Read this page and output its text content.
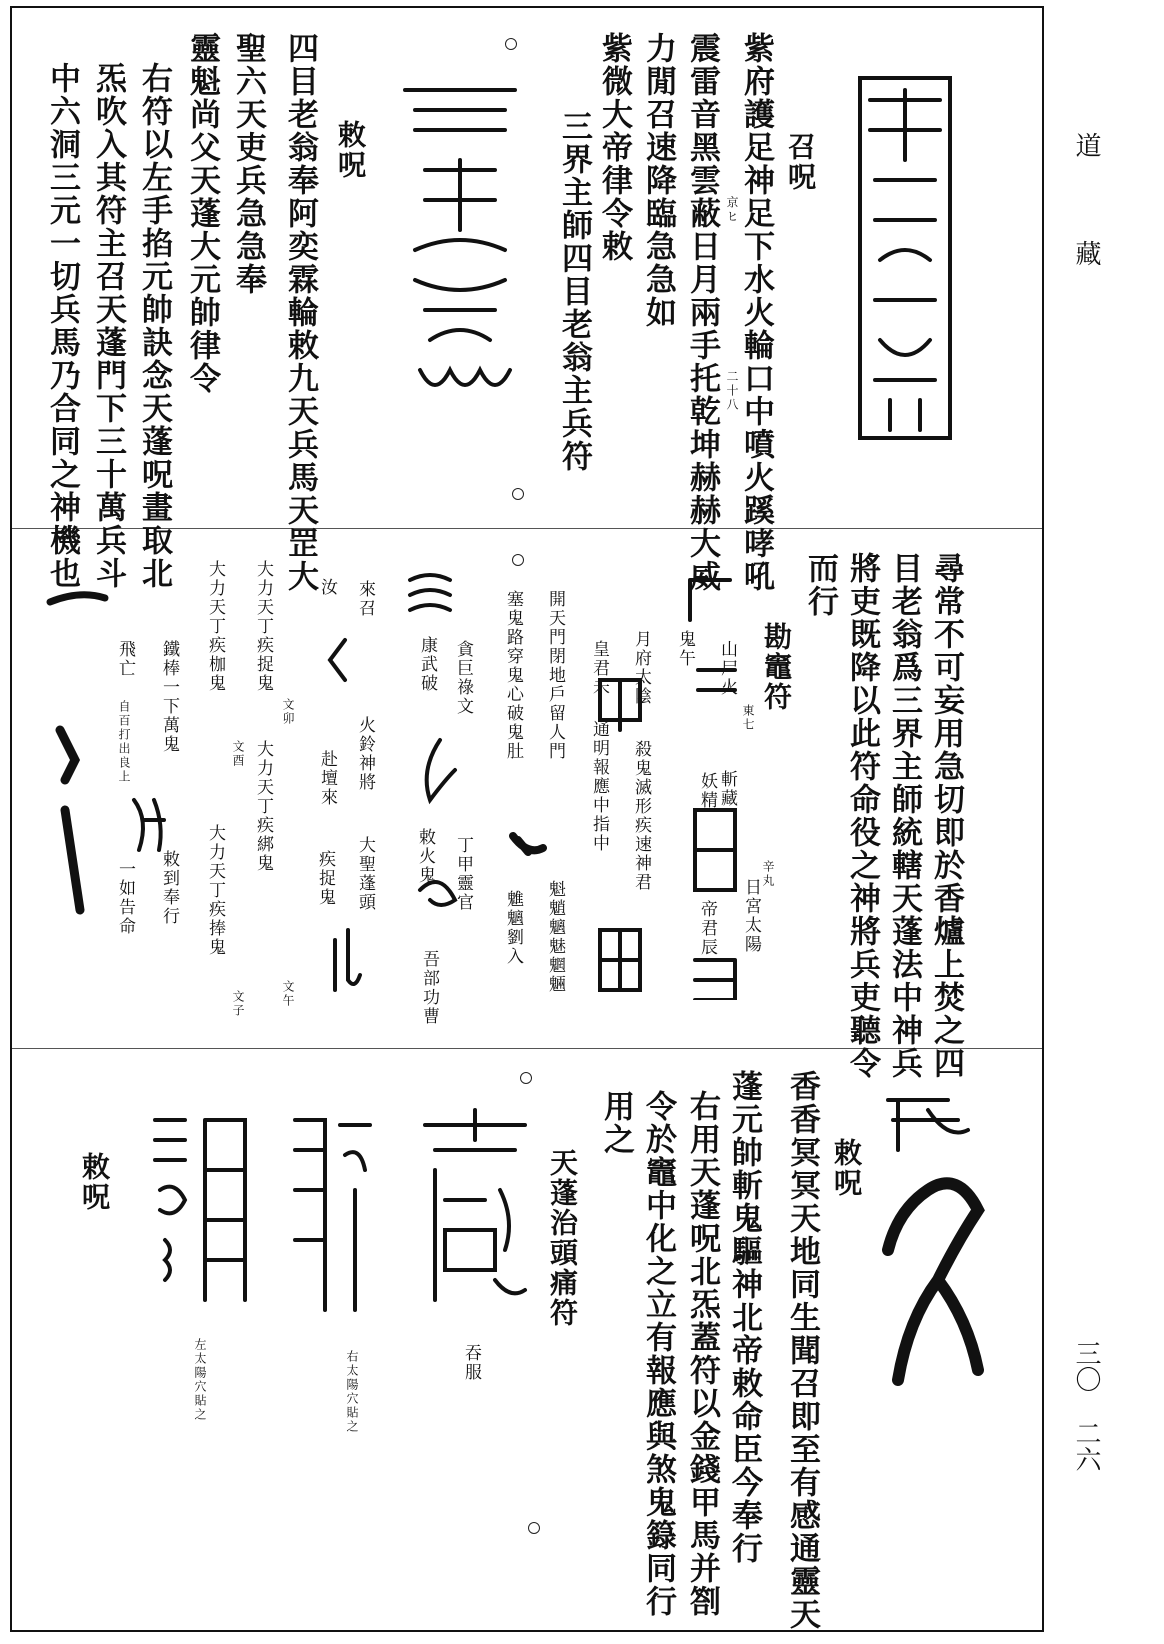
道
藏
三〇
二六
召呪
紫府護足神足下水火輪口中噴火蹊哮吼
京ヒ
二十八
震雷音黑雲蔽日月兩手托乾坤赫赫大威
力閒召速降臨急急如
紫微大帝律令敕
三界主師四目老翁主兵符
敕呪
四目老翁奉阿奕霖輪敕九天兵馬天罡大
聖六天吏兵急急奉
靈魁尚父天蓬大元帥律令
右符以左手掐元帥訣念天蓬呪畫取北
炁吹入其符主召天蓬門下三十萬兵斗
中六洞三元一切兵馬乃合同之神機也
尋常不可妄用急切即於香爐上焚之四
目老翁爲三界主師統轄天蓬法中神兵
將吏既降以此符命役之神將兵吏聽令
而行
勘竈符
山尸火
東七
鬼午
斬藏
妖精
辛丸
日宮太陽
帝君辰
月府太陰
皇君未
殺鬼滅形疾速神君
通明報應中指中
開天門閉地戶留人門
魁魈魑魅魍魎
塞鬼路穿鬼心破鬼肚
魋魑劉入
貪巨祿文
康武破
丁甲靈官
敕火鬼
吾部功曹
來召
汝
火鈴神將
赴壇來
大聖蓬頭
疾捉鬼
大力天丁疾捉鬼
文卯
大力天丁疾綁鬼
文午
大力天丁疾枷鬼
文酉
大力天丁疾捧鬼
文子
鐵棒一下萬鬼
敕到奉行
飛亡
自百打出良上
一如告命
敕呪
香香冥冥天地同生聞召即至有感通靈天
蓬元帥斬鬼驅神北帝敕命臣今奉行
右用天蓬呪北炁蓋符以金錢甲馬并劄
令於竈中化之立有報應與煞鬼籙同行
用之
天蓬治頭痛符
吞服
右太陽穴貼之
左太陽穴貼之
敕呪
